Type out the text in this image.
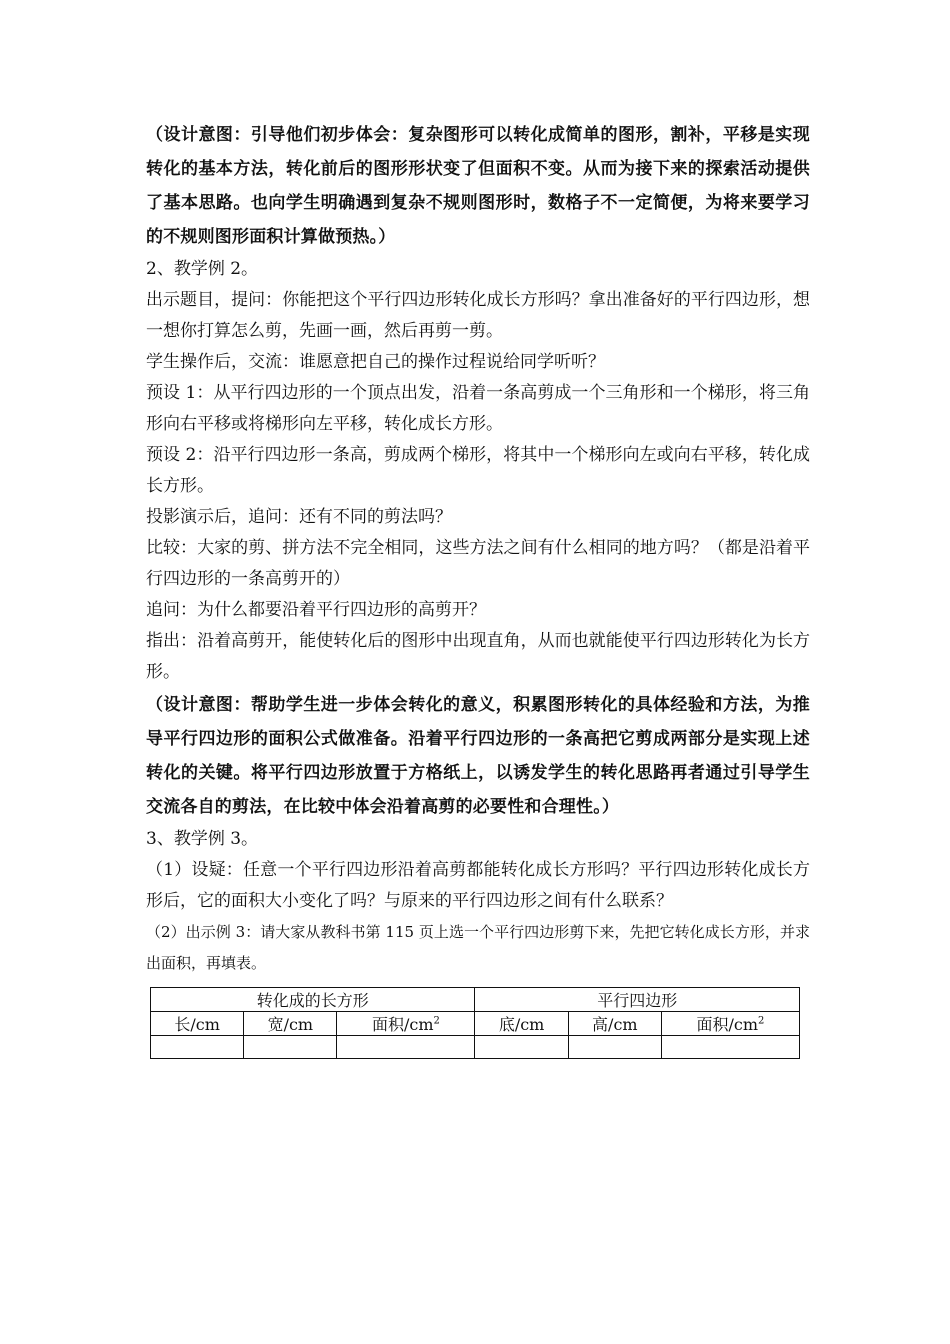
（设计意图：引导他们初步体会：复杂图形可以转化成简单的图形，割补，平移是实现转化的基本方法，转化前后的图形形状变了但面积不变。从而为接下来的探索活动提供了基本思路。也向学生明确遇到复杂不规则图形时，数格子不一定简便，为将来要学习的不规则图形面积计算做预热。）

2、教学例 2。

出示题目，提问：你能把这个平行四边形转化成长方形吗？拿出准备好的平行四边形，想一想你打算怎么剪，先画一画，然后再剪一剪。

学生操作后，交流：谁愿意把自己的操作过程说给同学听听？

预设 1：从平行四边形的一个顶点出发，沿着一条高剪成一个三角形和一个梯形，将三角形向右平移或将梯形向左平移，转化成长方形。

预设 2：沿平行四边形一条高，剪成两个梯形，将其中一个梯形向左或向右平移，转化成长方形。

投影演示后，追问：还有不同的剪法吗？

比较：大家的剪、拼方法不完全相同，这些方法之间有什么相同的地方吗？（都是沿着平行四边形的一条高剪开的）

追问：为什么都要沿着平行四边形的高剪开？

指出：沿着高剪开，能使转化后的图形中出现直角，从而也就能使平行四边形转化为长方形。

（设计意图：帮助学生进一步体会转化的意义，积累图形转化的具体经验和方法，为推导平行四边形的面积公式做准备。沿着平行四边形的一条高把它剪成两部分是实现上述转化的关键。将平行四边形放置于方格纸上，以诱发学生的转化思路再者通过引导学生交流各自的剪法，在比较中体会沿着高剪的必要性和合理性。）

3、教学例 3。

（1）设疑：任意一个平行四边形沿着高剪都能转化成长方形吗？平行四边形转化成长方形后，它的面积大小变化了吗？与原来的平行四边形之间有什么联系？

（2）出示例 3：请大家从教科书第 115 页上选一个平行四边形剪下来，先把它转化成长方形，并求出面积，再填表。

转化成的长方形			平行四边形		
长/cm	宽/cm	面积$/cm^2$	底/cm	高/cm	面积$/cm^2$
